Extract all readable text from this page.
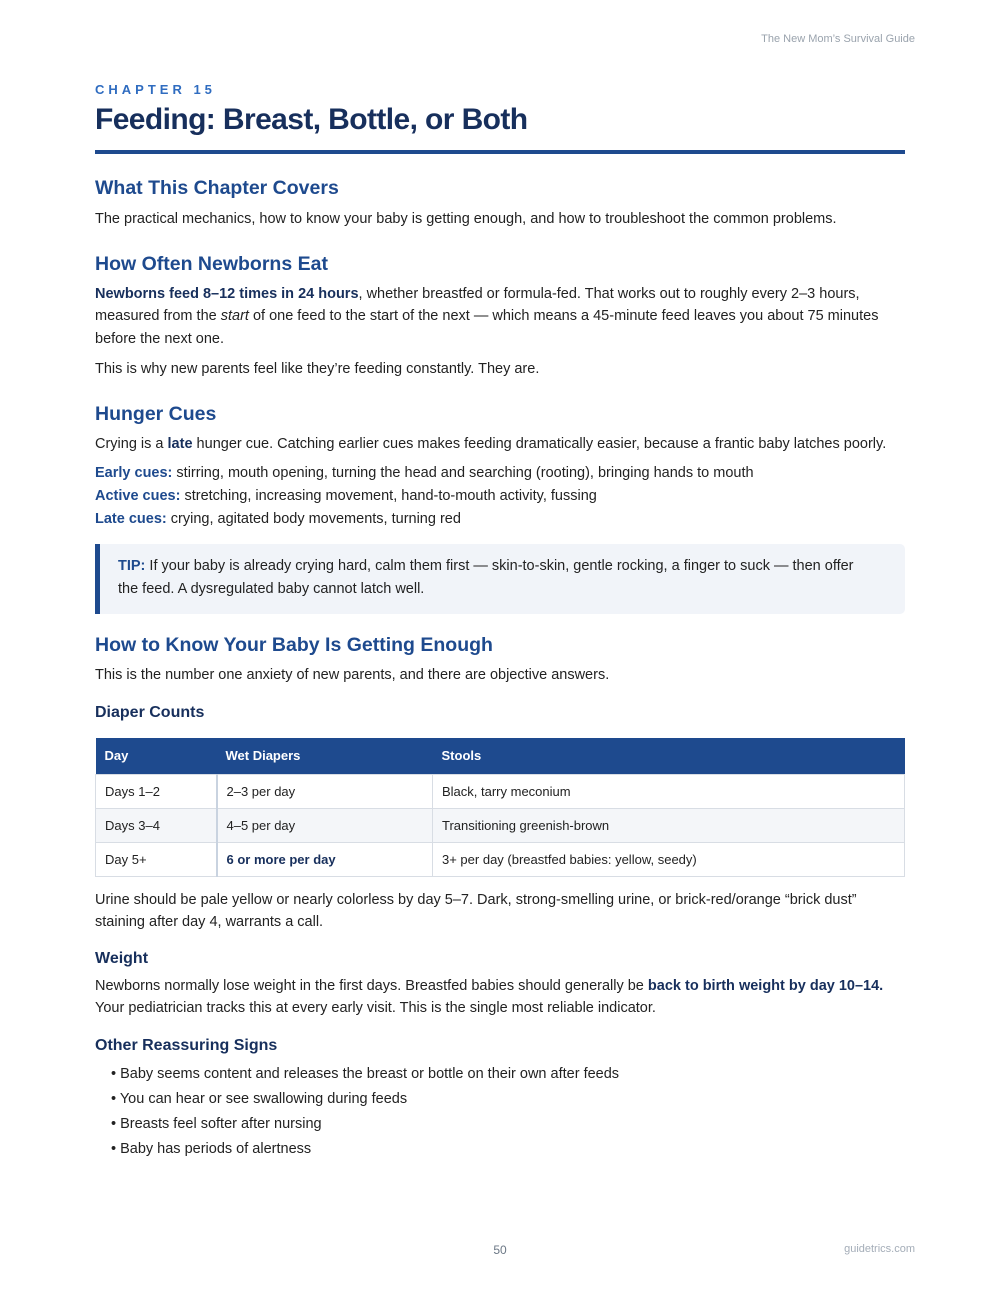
The New Mom’s Survival Guide
CHAPTER 15
Feeding: Breast, Bottle, or Both
What This Chapter Covers

The practical mechanics, how to know your baby is getting enough, and how to troubleshoot the common problems.

How Often Newborns Eat

Newborns feed 8–12 times in 24 hours, whether breastfed or formula-fed. That works out to roughly every 2–3 hours, measured from the start of one feed to the start of the next — which means a 45-minute feed leaves you about 75 minutes before the next one.

This is why new parents feel like they’re feeding constantly. They are.

Hunger Cues

Crying is a late hunger cue. Catching earlier cues makes feeding dramatically easier, because a frantic baby latches poorly.

Early cues: stirring, mouth opening, turning the head and searching (rooting), bringing hands to mouth
Active cues: stretching, increasing movement, hand-to-mouth activity, fussing
Late cues: crying, agitated body movements, turning red

TIP: If your baby is already crying hard, calm them first — skin-to-skin, gentle rocking, a finger to suck — then offer the feed. A dysregulated baby cannot latch well.

How to Know Your Baby Is Getting Enough

This is the number one anxiety of new parents, and there are objective answers.

Diaper Counts
Day	Wet Diapers	Stools
Days 1–2	2–3 per day	Black, tarry meconium
Days 3–4	4–5 per day	Transitioning greenish-brown
Day 5+	6 or more per day	3+ per day (breastfed babies: yellow, seedy)

Urine should be pale yellow or nearly colorless by day 5–7. Dark, strong-smelling urine, or brick-red/orange “brick dust” staining after day 4, warrants a call.

Weight

Newborns normally lose weight in the first days. Breastfed babies should generally be back to birth weight by day 10–14. Your pediatrician tracks this at every early visit. This is the single most reliable indicator.

Other Reassuring Signs
• Baby seems content and releases the breast or bottle on their own after feeds
• You can hear or see swallowing during feeds
• Breasts feel softer after nursing
• Baby has periods of alertness
50	guidetrics.com
